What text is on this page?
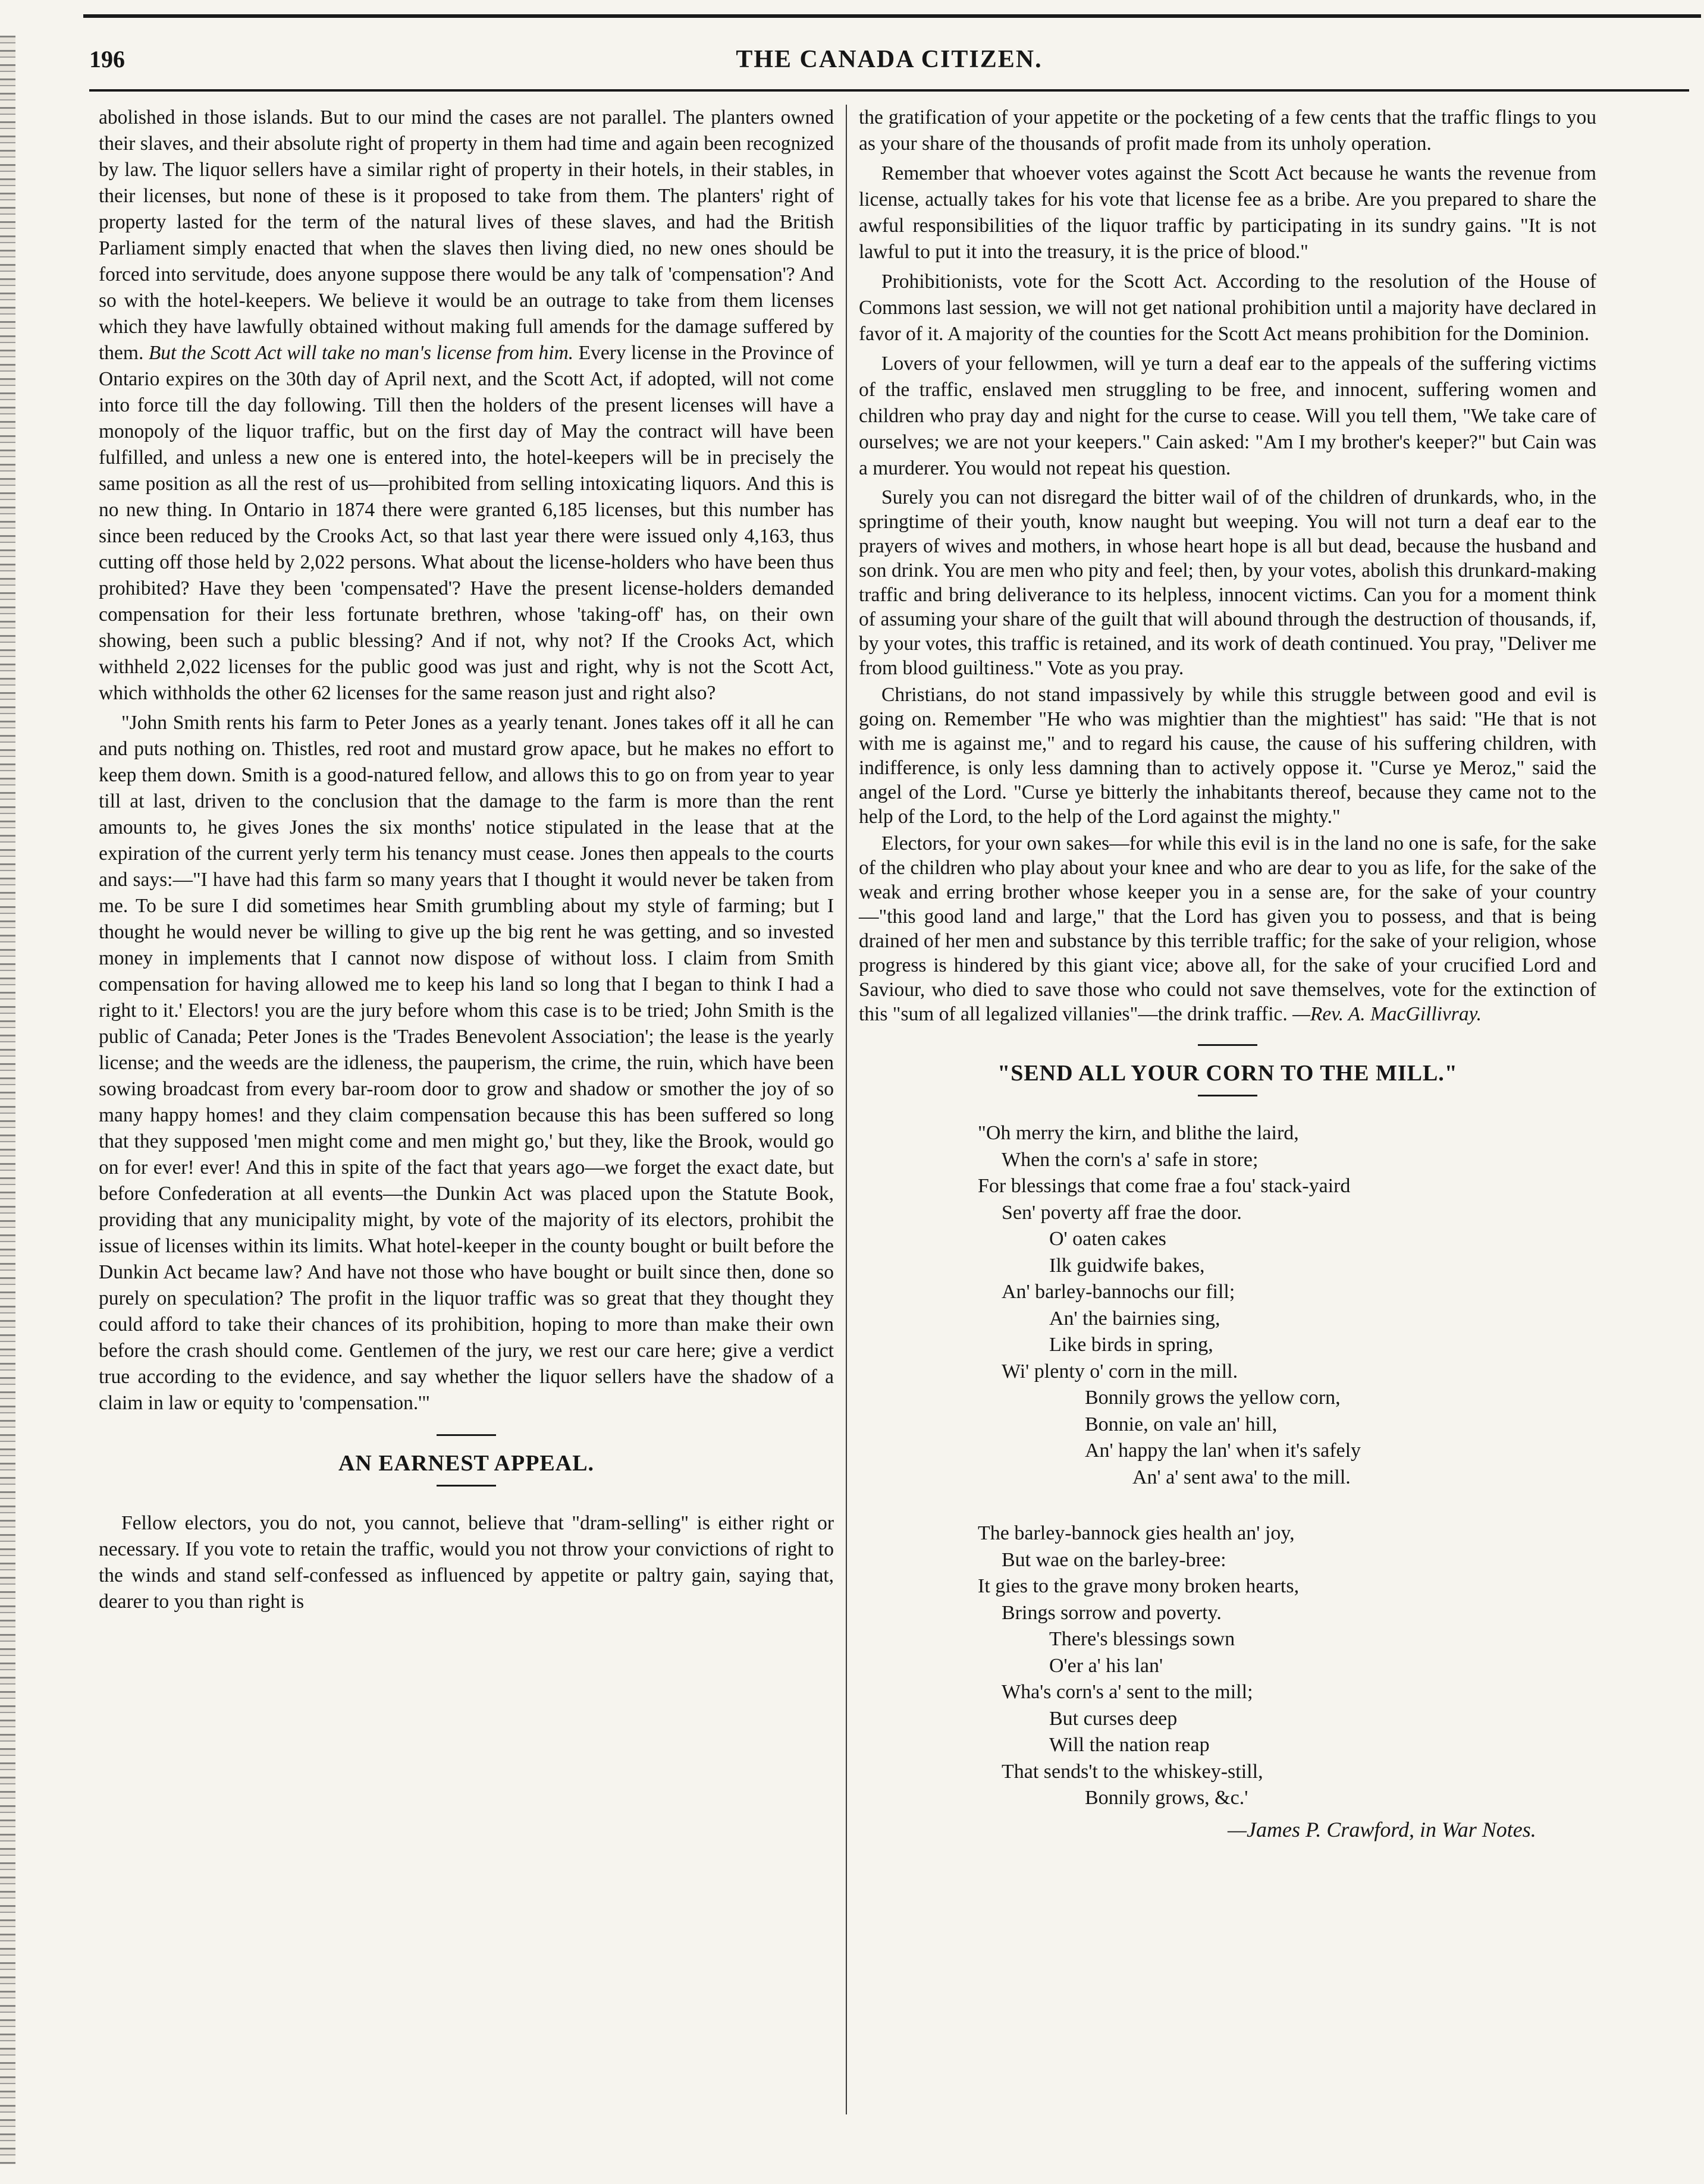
196	THE CANADA CITIZEN.

abolished in those islands. But to our mind the cases are not parallel. The planters owned their slaves, and their absolute right of property in them had time and again been recognized by law. The liquor sellers have a similar right of property in their hotels, in their stables, in their licenses, but none of these is it proposed to take from them. The planters' right of property lasted for the term of the natural lives of these slaves, and had the British Parliament simply enacted that when the slaves then living died, no new ones should be forced into servitude, does anyone suppose there would be any talk of 'compensation'? And so with the hotel-keepers. We believe it would be an outrage to take from them licenses which they have lawfully obtained without making full amends for the damage suffered by them. But the Scott Act will take no man's license from him. Every license in the Province of Ontario expires on the 30th day of April next, and the Scott Act, if adopted, will not come into force till the day following. Till then the holders of the present licenses will have a monopoly of the liquor traffic, but on the first day of May the contract will have been fulfilled, and unless a new one is entered into, the hotel-keepers will be in precisely the same position as all the rest of us—prohibited from selling intoxicating liquors. And this is no new thing. In Ontario in 1874 there were granted 6,185 licenses, but this number has since been reduced by the Crooks Act, so that last year there were issued only 4,163, thus cutting off those held by 2,022 persons. What about the license-holders who have been thus prohibited? Have they been 'compensated'? Have the present license-holders demanded compensation for their less fortunate brethren, whose 'taking-off' has, on their own showing, been such a public blessing? And if not, why not? If the Crooks Act, which withheld 2,022 licenses for the public good was just and right, why is not the Scott Act, which withholds the other 62 licenses for the same reason just and right also?

"John Smith rents his farm to Peter Jones as a yearly tenant. Jones takes off it all he can and puts nothing on. Thistles, red root and mustard grow apace, but he makes no effort to keep them down. Smith is a good-natured fellow, and allows this to go on from year to year till at last, driven to the conclusion that the damage to the farm is more than the rent amounts to, he gives Jones the six months' notice stipulated in the lease that at the expiration of the current yerly term his tenancy must cease. Jones then appeals to the courts and says:—"I have had this farm so many years that I thought it would never be taken from me. To be sure I did sometimes hear Smith grumbling about my style of farming; but I thought he would never be willing to give up the big rent he was getting, and so invested money in implements that I cannot now dispose of without loss. I claim from Smith compensation for having allowed me to keep his land so long that I began to think I had a right to it.' Electors! you are the jury before whom this case is to be tried; John Smith is the public of Canada; Peter Jones is the 'Trades Benevolent Association'; the lease is the yearly license; and the weeds are the idleness, the pauperism, the crime, the ruin, which have been sowing broadcast from every bar-room door to grow and shadow or smother the joy of so many happy homes! and they claim compensation because this has been suffered so long that they supposed 'men might come and men might go,' but they, like the Brook, would go on for ever! ever! And this in spite of the fact that years ago—we forget the exact date, but before Confederation at all events—the Dunkin Act was placed upon the Statute Book, providing that any municipality might, by vote of the majority of its electors, prohibit the issue of licenses within its limits. What hotel-keeper in the county bought or built before the Dunkin Act became law? And have not those who have bought or built since then, done so purely on speculation? The profit in the liquor traffic was so great that they thought they could afford to take their chances of its prohibition, hoping to more than make their own before the crash should come. Gentlemen of the jury, we rest our care here; give a verdict true according to the evidence, and say whether the liquor sellers have the shadow of a claim in law or equity to 'compensation.'"

AN EARNEST APPEAL.

Fellow electors, you do not, you cannot, believe that "dram-selling" is either right or necessary. If you vote to retain the traffic, would you not throw your convictions of right to the winds and stand self-confessed as influenced by appetite or paltry gain, saying that, dearer to you than right is

the gratification of your appetite or the pocketing of a few cents that the traffic flings to you as your share of the thousands of profit made from its unholy operation.

Remember that whoever votes against the Scott Act because he wants the revenue from license, actually takes for his vote that license fee as a bribe. Are you prepared to share the awful responsibilities of the liquor traffic by participating in its sundry gains. "It is not lawful to put it into the treasury, it is the price of blood."

Prohibitionists, vote for the Scott Act. According to the resolution of the House of Commons last session, we will not get national prohibition until a majority have declared in favor of it. A majority of the counties for the Scott Act means prohibition for the Dominion.

Lovers of your fellowmen, will ye turn a deaf ear to the appeals of the suffering victims of the traffic, enslaved men struggling to be free, and innocent, suffering women and children who pray day and night for the curse to cease. Will you tell them, "We take care of ourselves; we are not your keepers." Cain asked: "Am I my brother's keeper?" but Cain was a murderer. You would not repeat his question.

Surely you can not disregard the bitter wail of of the children of drunkards, who, in the springtime of their youth, know naught but weeping. You will not turn a deaf ear to the prayers of wives and mothers, in whose heart hope is all but dead, because the husband and son drink. You are men who pity and feel; then, by your votes, abolish this drunkard-making traffic and bring deliverance to its helpless, innocent victims. Can you for a moment think of assuming your share of the guilt that will abound through the destruction of thousands, if, by your votes, this traffic is retained, and its work of death continued. You pray, "Deliver me from blood guiltiness." Vote as you pray.

Christians, do not stand impassively by while this struggle between good and evil is going on. Remember "He who was mightier than the mightiest" has said: "He that is not with me is against me," and to regard his cause, the cause of his suffering children, with indifference, is only less damning than to actively oppose it. "Curse ye Meroz," said the angel of the Lord. "Curse ye bitterly the inhabitants thereof, because they came not to the help of the Lord, to the help of the Lord against the mighty."

Electors, for your own sakes—for while this evil is in the land no one is safe, for the sake of the children who play about your knee and who are dear to you as life, for the sake of the weak and erring brother whose keeper you in a sense are, for the sake of your country—"this good land and large," that the Lord has given you to possess, and that is being drained of her men and substance by this terrible traffic; for the sake of your religion, whose progress is hindered by this giant vice; above all, for the sake of your crucified Lord and Saviour, who died to save those who could not save themselves, vote for the extinction of this "sum of all legalized villanies"—the drink traffic. —Rev. A. MacGillivray.

"SEND ALL YOUR CORN TO THE MILL."
"Oh merry the kirn, and blithe the laird,
When the corn's a' safe in store;
For blessings that come frae a fou' stack-yaird
Sen' poverty aff frae the door.
O' oaten cakes
Ilk guidwife bakes,
An' barley-bannochs our fill;
An' the bairnies sing,
Like birds in spring,
Wi' plenty o' corn in the mill.
Bonnily grows the yellow corn,
Bonnie, on vale an' hill,
An' happy the lan' when it's safely
An' a' sent awa' to the mill.
The barley-bannock gies health an' joy,
But wae on the barley-bree:
It gies to the grave mony broken hearts,
Brings sorrow and poverty.
There's blessings sown
O'er a' his lan'
Wha's corn's a' sent to the mill;
But curses deep
Will the nation reap
That sends't to the whiskey-still,
Bonnily grows, &c.'
—James P. Crawford, in War Notes.
